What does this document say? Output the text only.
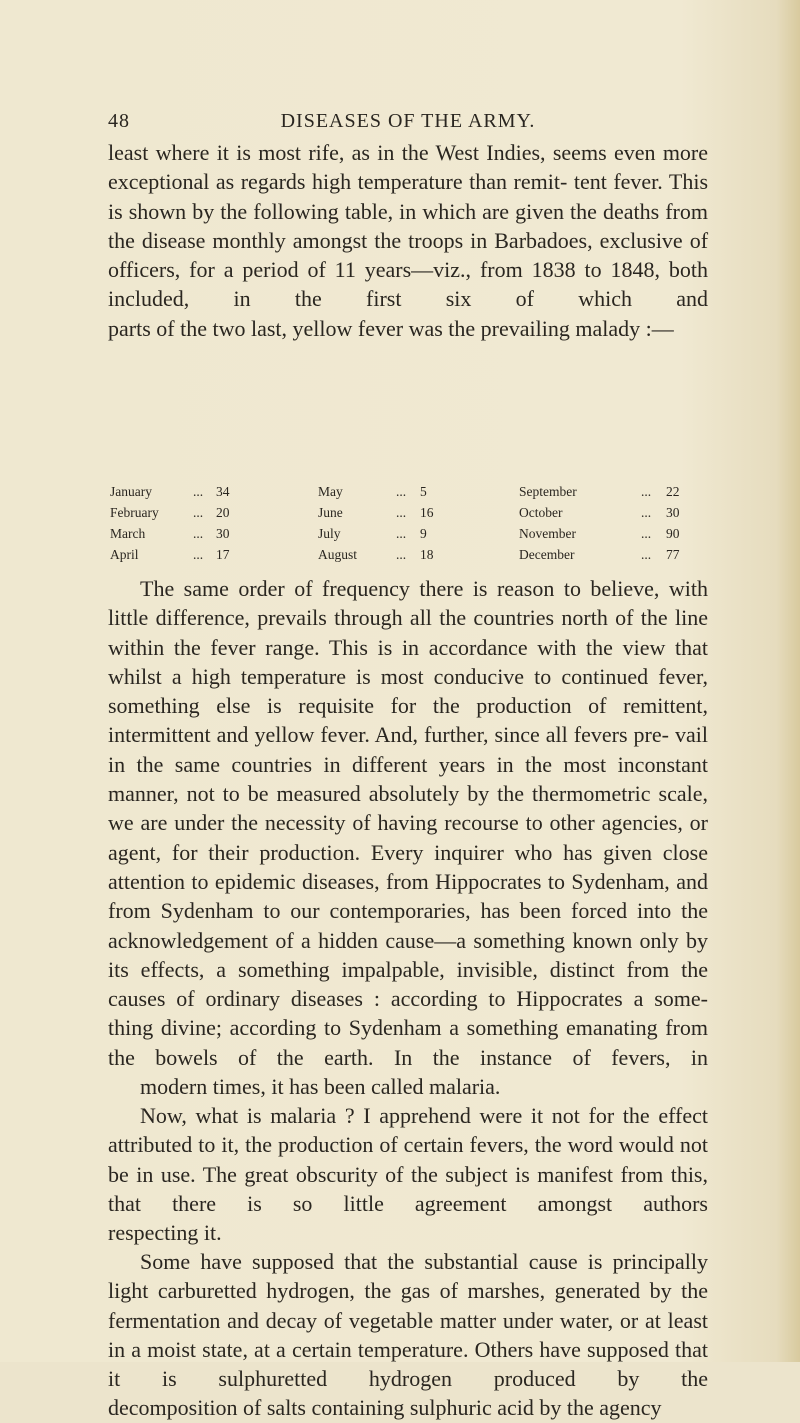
48	DISEASES OF THE ARMY.

least where it is most rife, as in the West Indies, seems even more exceptional as regards high temperature than remit- tent fever. This is shown by the following table, in which are given the deaths from the disease monthly amongst the troops in Barbadoes, exclusive of officers, for a period of 11 years—viz., from 1838 to 1848, both included, in the first six of which and
parts of the two last, yellow fever was the prevailing malady :—

January	... 34	May	... 5	September	... 22
February	... 20	June	... 16	October	... 30
March	... 30	July	... 9	November	... 90
April	... 17	August	... 18	December	... 77

The same order of frequency there is reason to believe, with little difference, prevails through all the countries north of the line within the fever range. This is in accordance with the view that whilst a high temperature is most conducive to continued fever, something else is requisite for the production of remittent, intermittent and yellow fever. And, further, since all fevers pre- vail in the same countries in different years in the most inconstant manner, not to be measured absolutely by the thermometric scale, we are under the necessity of having recourse to other agencies, or agent, for their production. Every inquirer who has given close attention to epidemic diseases, from Hippocrates to Sydenham, and from Sydenham to our contemporaries, has been forced into the acknowledgement of a hidden cause—a something known only by its effects, a something impalpable, invisible, distinct from the causes of ordinary diseases : according to Hippocrates a some- thing divine; according to Sydenham a something emanating from the bowels of the earth. In the instance of fevers, in
modern times, it has been called malaria.

Now, what is malaria ? I apprehend were it not for the effect
attributed to it, the production of certain fevers, the word would not be in use. The great obscurity of the subject is manifest from this, that there is so little agreement amongst authors
respecting it.

Some have supposed that the substantial cause is principally
light carburetted hydrogen, the gas of marshes, generated by the fermentation and decay of vegetable matter under water, or at least in a moist state, at a certain temperature. Others have supposed that it is sulphuretted hydrogen produced by the
decomposition of salts containing sulphuric acid by the agency
